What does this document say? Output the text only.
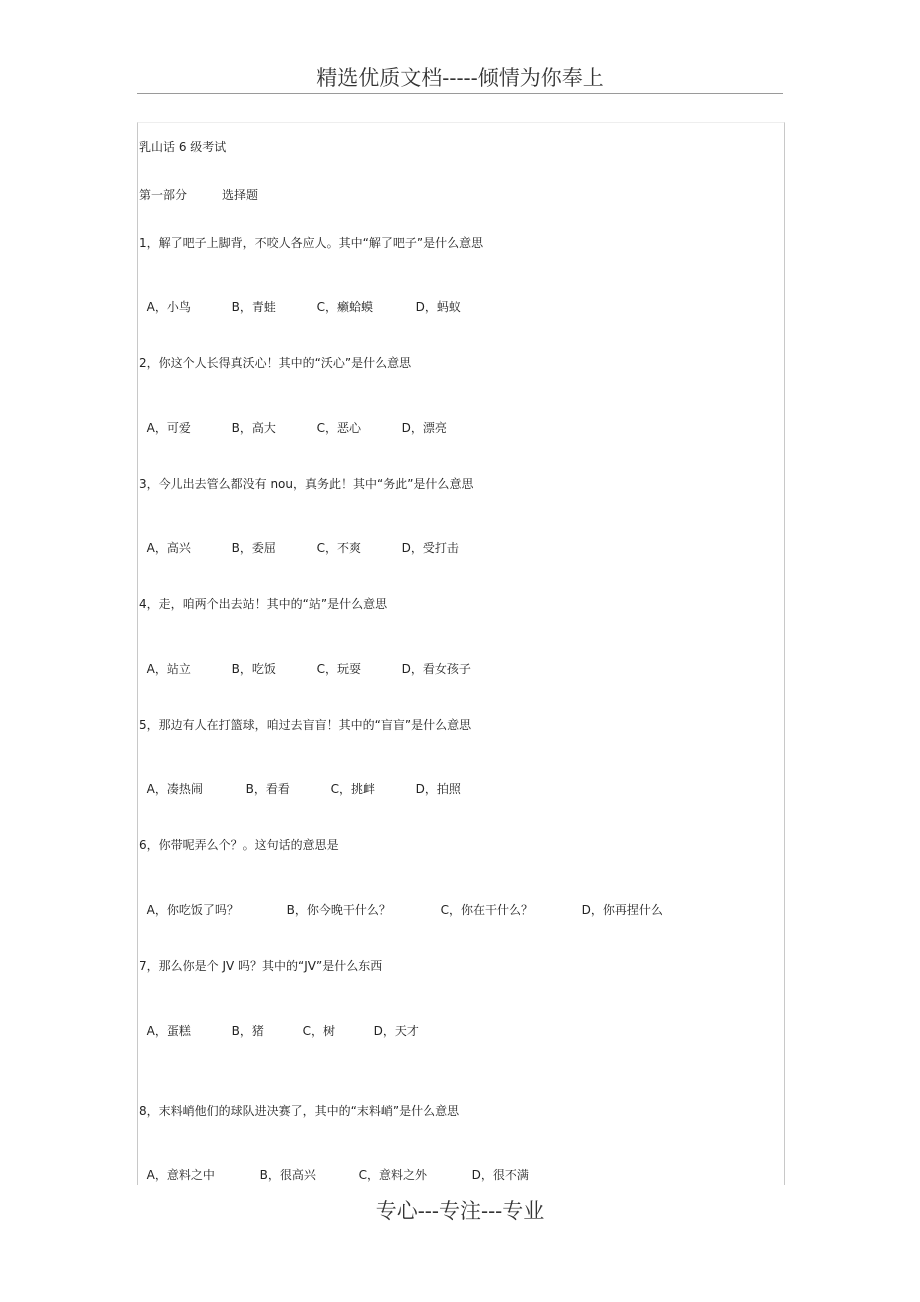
精选优质文档-----倾情为你奉上
乳山话 6 级考试
第一部分	选择题
1，解了吧子上脚背，不咬人各应人。其中“解了吧子”是什么意思

A，小鸟	B，青蛙	C，癞蛤蟆	D，蚂蚁

2，你这个人长得真沃心！其中的“沃心”是什么意思

A，可爱	B，高大	C，恶心	D，漂亮

3，今儿出去管么都没有 nou，真务此！其中“务此”是什么意思

A，高兴	B，委屈	C，不爽	D，受打击

4，走，咱两个出去站！其中的“站”是什么意思

A，站立	B，吃饭	C，玩耍	D，看女孩子

5，那边有人在打篮球，咱过去盲盲！其中的“盲盲”是什么意思

A，凑热闹	B，看看	C，挑衅	D，拍照

6，你带呢弄么个？。这句话的意思是

A，你吃饭了吗？	B，你今晚干什么？	C，你在干什么？	D，你再捏什么

7，那么你是个 JV 吗？其中的“JV”是什么东西

A，蛋糕	B，猪	C，树	D，天才

8，末料峭他们的球队进决赛了，其中的“末料峭”是什么意思

A，意料之中	B，很高兴	C，意料之外	D，很不满

专心---专注---专业
